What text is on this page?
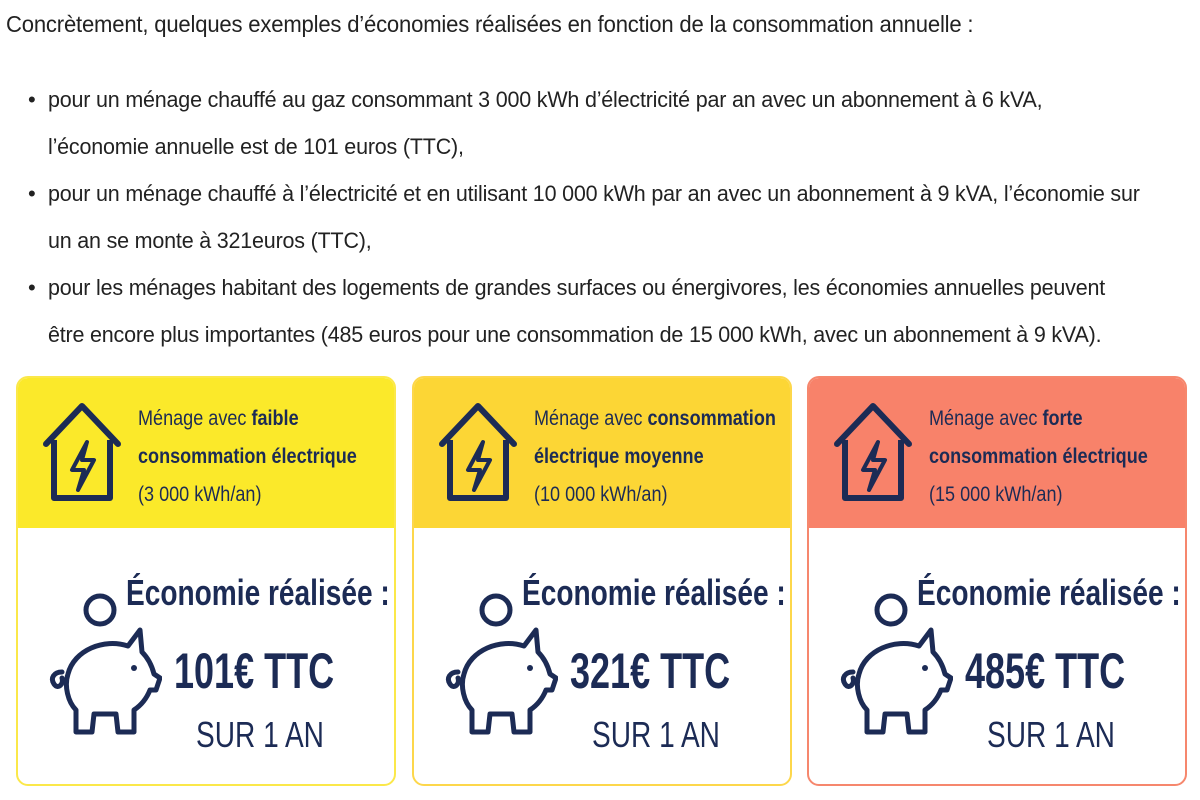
Concrètement, quelques exemples d’économies réalisées en fonction de la consommation annuelle :
• pour un ménage chauffé au gaz consommant 3 000 kWh d’électricité par an avec un abonnement à 6 kVA, l’économie annuelle est de 101 euros (TTC),
• pour un ménage chauffé à l’électricité et en utilisant 10 000 kWh par an avec un abonnement à 9 kVA, l’économie sur un an se monte à 321euros (TTC),
• pour les ménages habitant des logements de grandes surfaces ou énergivores, les économies annuelles peuvent être encore plus importantes (485 euros pour une consommation de 15 000 kWh, avec un abonnement à 9 kVA).
Ménage avec faible
consommation électrique
(3 000 kWh/an)
Économie réalisée :
101€ TTC
SUR 1 AN
Ménage avec consommation
électrique moyenne
(10 000 kWh/an)
Économie réalisée :
321€ TTC
SUR 1 AN
Ménage avec forte
consommation électrique
(15 000 kWh/an)
Économie réalisée :
485€ TTC
SUR 1 AN
